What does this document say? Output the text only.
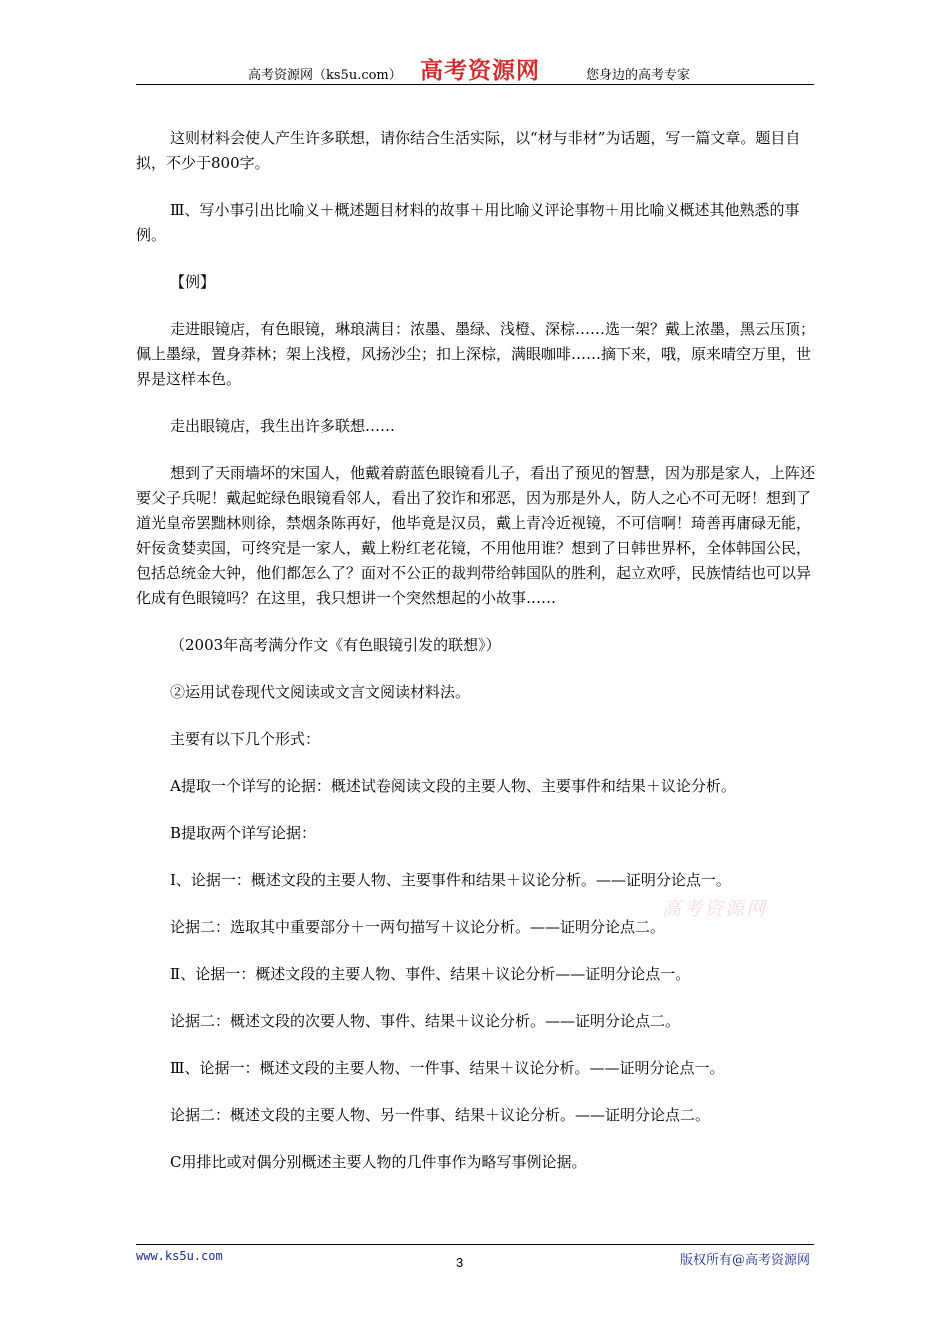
高考资源网（ks5u.com） 高考资源网	您身边的高考专家

这则材料会使人产生许多联想，请你结合生活实际，以“材与非材”为话题，写一篇文章。题目自拟，不少于800字。

Ⅲ、写小事引出比喻义＋概述题目材料的故事＋用比喻义评论事物＋用比喻义概述其他熟悉的事例。

【例】

走进眼镜店，有色眼镜，琳琅满目：浓墨、墨绿、浅橙、深棕……选一架？戴上浓墨，黑云压顶；佩上墨绿，置身莽林；架上浅橙，风扬沙尘；扣上深棕，满眼咖啡……摘下来，哦，原来晴空万里，世界是这样本色。

走出眼镜店，我生出许多联想……

想到了天雨墙坏的宋国人，他戴着蔚蓝色眼镜看儿子，看出了预见的智慧，因为那是家人，上阵还要父子兵呢！戴起蛇绿色眼镜看邻人，看出了狡诈和邪恶，因为那是外人，防人之心不可无呀！想到了道光皇帝罢黜林则徐，禁烟条陈再好，他毕竟是汉员，戴上青冷近视镜，不可信啊！琦善再庸碌无能，奸佞贪婪卖国，可终究是一家人，戴上粉红老花镜，不用他用谁？想到了日韩世界杯，全体韩国公民，包括总统金大钟，他们都怎么了？面对不公正的裁判带给韩国队的胜利，起立欢呼，民族情结也可以异化成有色眼镜吗？在这里，我只想讲一个突然想起的小故事……

（2003年高考满分作文《有色眼镜引发的联想》）

②运用试卷现代文阅读或文言文阅读材料法。

主要有以下几个形式：

A提取一个详写的论据：概述试卷阅读文段的主要人物、主要事件和结果＋议论分析。

B提取两个详写论据：

Ⅰ、论据一：概述文段的主要人物、主要事件和结果＋议论分析。——证明分论点一。

论据二：选取其中重要部分＋一两句描写＋议论分析。——证明分论点二。

Ⅱ、论据一：概述文段的主要人物、事件、结果＋议论分析——证明分论点一。

论据二：概述文段的次要人物、事件、结果＋议论分析。——证明分论点二。

Ⅲ、论据一：概述文段的主要人物、一件事、结果＋议论分析。——证明分论点一。

论据二：概述文段的主要人物、另一件事、结果＋议论分析。——证明分论点二。

C用排比或对偶分别概述主要人物的几件事作为略写事例论据。

高考资源网
www.ks5u.com	3	版权所有@高考资源网
